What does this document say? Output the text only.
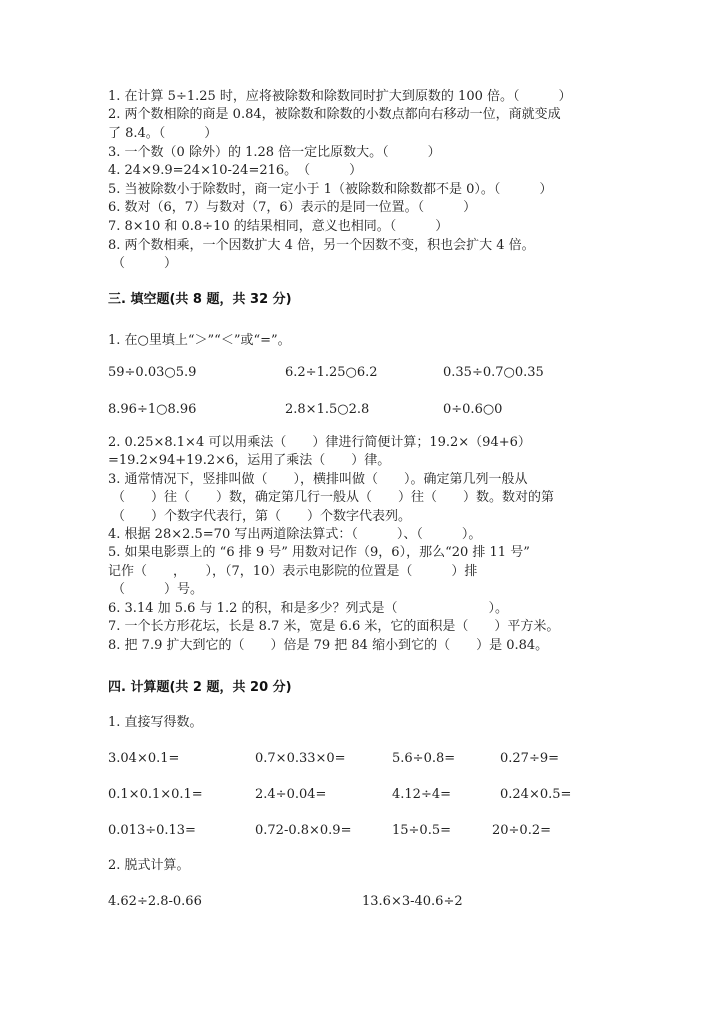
1. 在计算 5÷1.25 时，应将被除数和除数同时扩大到原数的 100 倍。（　　　）
2. 两个数相除的商是 0.84，被除数和除数的小数点都向右移动一位，商就变成
了 8.4。（　　　）
3. 一个数（0 除外）的 1.28 倍一定比原数大。（　　　）
4. 24×9.9=24×10-24=216。　（　　　）
5. 当被除数小于除数时，商一定小于 1（被除数和除数都不是 0）。（　　　）
6. 数对（6，7）与数对（7，6）表示的是同一位置。（　　　）
7. 8×10 和 0.8÷10 的结果相同，意义也相同。（　　　）
8. 两个数相乘，一个因数扩大 4 倍，另一个因数不变，积也会扩大 4 倍。
（　　　）
三. 填空题(共 8 题，共 32 分)
1. 在○里填上“＞”“＜”或“=”。
59÷0.03○5.9	6.2÷1.25○6.2	0.35÷0.7○0.35
8.96÷1○8.96	2.8×1.5○2.8	0÷0.6○0
2. 0.25×8.1×4 可以用乘法（　　）律进行简便计算；19.2×（94+6）
=19.2×94+19.2×6，运用了乘法（　　）律。
3. 通常情况下，竖排叫做（　　），横排叫做（　　）。确定第几列一般从
（　　）往（　　）数，确定第几行一般从（　　）往（　　）数。数对的第
（　　）个数字代表行，第（　　）个数字代表列。
4. 根据 28×2.5=70 写出两道除法算式：（　　　）、（　　　）。
5. 如果电影票上的 “6 排 9 号” 用数对记作（9，6），那么“20 排 11 号”
记作（　　，　　），（7，10）表示电影院的位置是（　　　）排
（　　　）号。
6. 3.14 加 5.6 与 1.2 的积，和是多少？列式是（　　　　　　　）。
7. 一个长方形花坛，长是 8.7 米，宽是 6.6 米，它的面积是（　　）平方米。
8. 把 7.9 扩大到它的（　　）倍是 79 把 84 缩小到它的（　　）是 0.84。
四. 计算题(共 2 题，共 20 分)
1. 直接写得数。
3.04×0.1=	0.7×0.33×0=	5.6÷0.8=	0.27÷9=
0.1×0.1×0.1=	2.4÷0.04=	4.12÷4=	0.24×0.5=
0.013÷0.13=	0.72-0.8×0.9=	15÷0.5=	20÷0.2=
2. 脱式计算。
4.62÷2.8-0.66	13.6×3-40.6÷2
